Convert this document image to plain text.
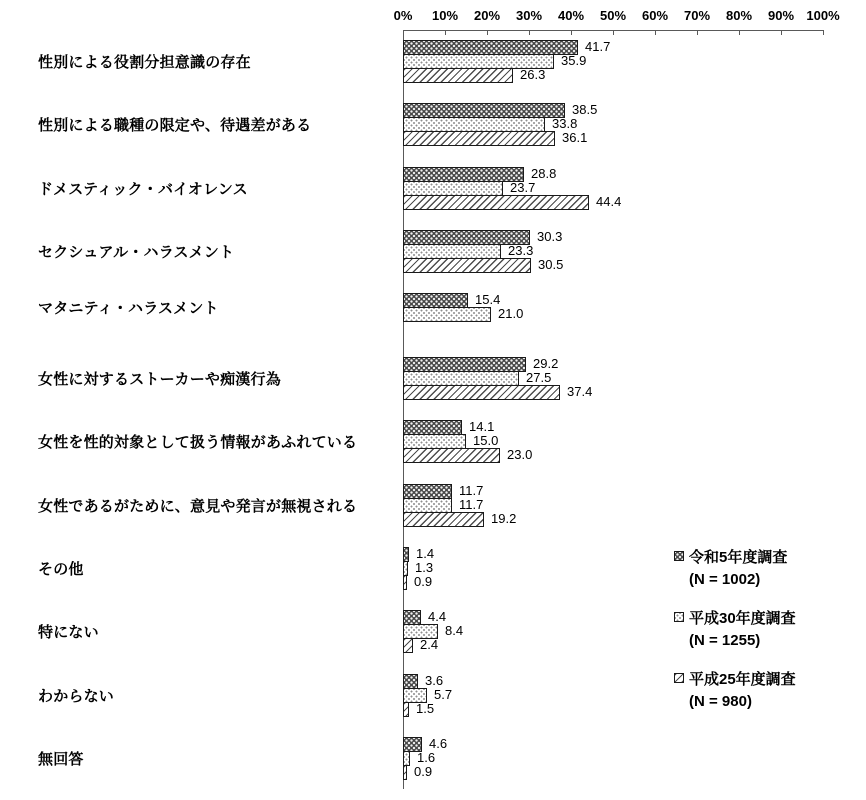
0% 10% 20% 30% 40% 50% 60% 70% 80% 90% 100%
性別による役割分担意識の存在
41.7
35.9
26.3
性別による職種の限定や、待遇差がある
38.5
33.8
36.1
ドメスティック・バイオレンス
28.8
23.7
44.4
セクシュアル・ハラスメント
30.3
23.3
30.5
マタニティ・ハラスメント	15.4
21.0
女性に対するストーカーや痴漢行為
29.2
27.5
37.4
女性を性的対象として扱う情報があふれている
14.1
15.0
23.0
女性であるがために、意見や発言が無視される
11.7
11.7
19.2
その他
1.4
1.3
0.9
特にない
4.4
8.4
2.4
わからない
3.6
5.7
1.5
無回答
4.6
1.6
0.9
令和5年度調査
(N = 1002)
平成30年度調査
(N = 1255)
平成25年度調査
(N = 980)
